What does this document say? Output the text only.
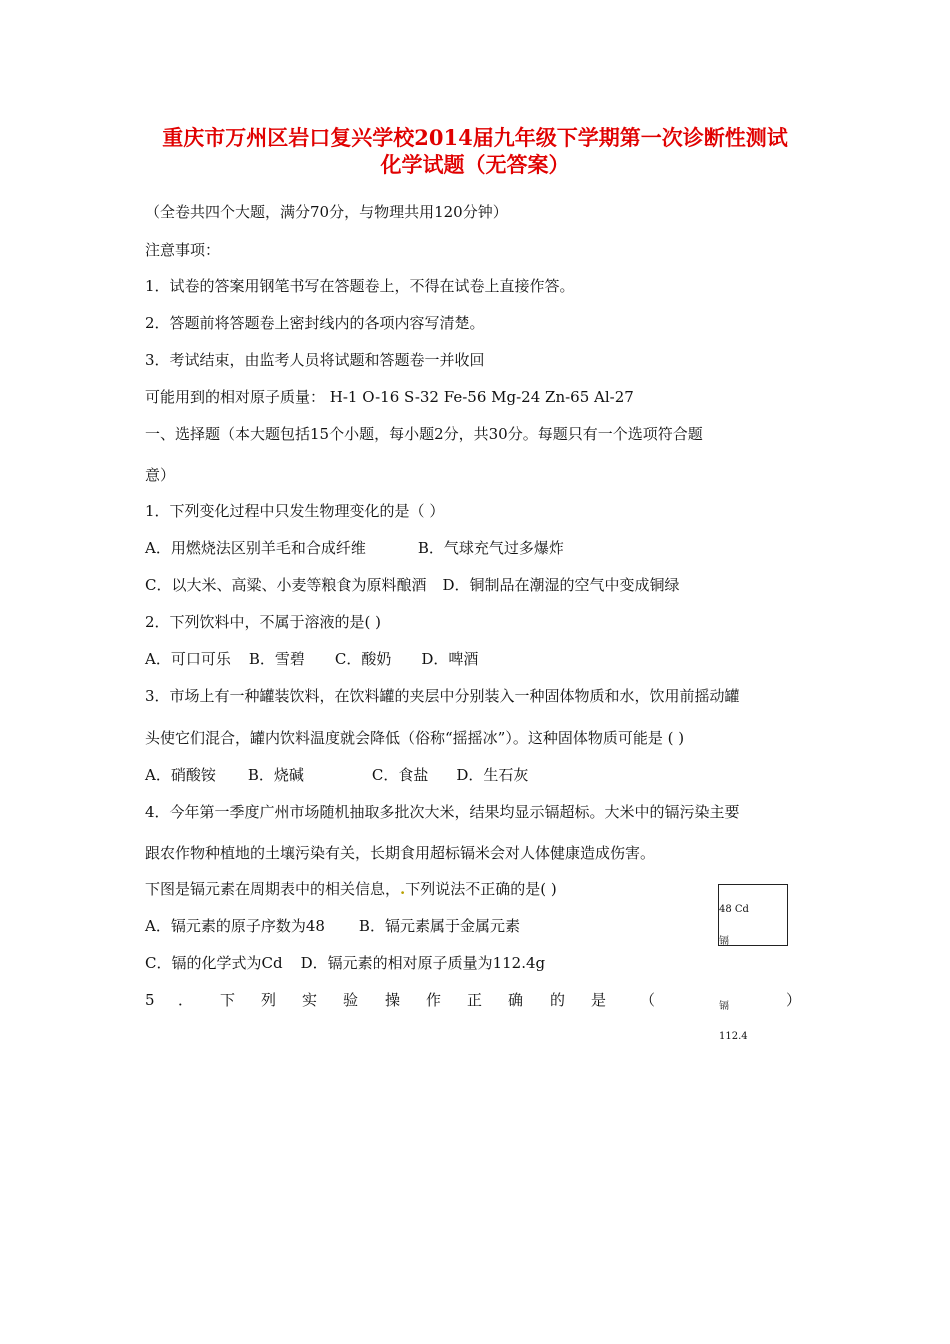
重庆市万州区岩口复兴学校2014届九年级下学期第一次诊断性测试
化学试题（无答案）
（全卷共四个大题，满分70分，与物理共用120分钟）
注意事项：
1．试卷的答案用钢笔书写在答题卷上，不得在试卷上直接作答。
2．答题前将答题卷上密封线内的各项内容写清楚。
3．考试结束，由监考人员将试题和答题卷一并收回
可能用到的相对原子质量： H-1 O-16 S-32 Fe-56 Mg-24 Zn-65 Al-27
一、选择题（本大题包括15个小题，每小题2分，共30分。每题只有一个选项符合题
意）
1．下列变化过程中只发生物理变化的是（ ）
A．用燃烧法区别羊毛和合成纤维	B．气球充气过多爆炸
C．以大米、高粱、小麦等粮食为原料酿酒 D．铜制品在潮湿的空气中变成铜绿
2．下列饮料中，不属于溶液的是( )
A．可口可乐 B．雪碧 C．酸奶 D．啤酒
3．市场上有一种罐装饮料，在饮料罐的夹层中分别装入一种固体物质和水，饮用前摇动罐
头使它们混合，罐内饮料温度就会降低（俗称“摇摇冰”）。这种固体物质可能是 ( )
A．硝酸铵 B．烧碱	C．食盐 D．生石灰
4．今年第一季度广州市场随机抽取多批次大米，结果均显示镉超标。大米中的镉污染主要
跟农作物种植地的土壤污染有关，长期食用超标镉米会对人体健康造成伤害。
下图是镉元素在周期表中的相关信息，.下列说法不正确的是( )
A．镉元素的原子序数为48 B．镉元素属于金属元素
C．镉的化学式为Cd D．镉元素的相对原子质量为112.4g
48 Cd
镉
镉
112.4
5 ． 下 列 实 验 操 作 正 确 的 是 （	）
